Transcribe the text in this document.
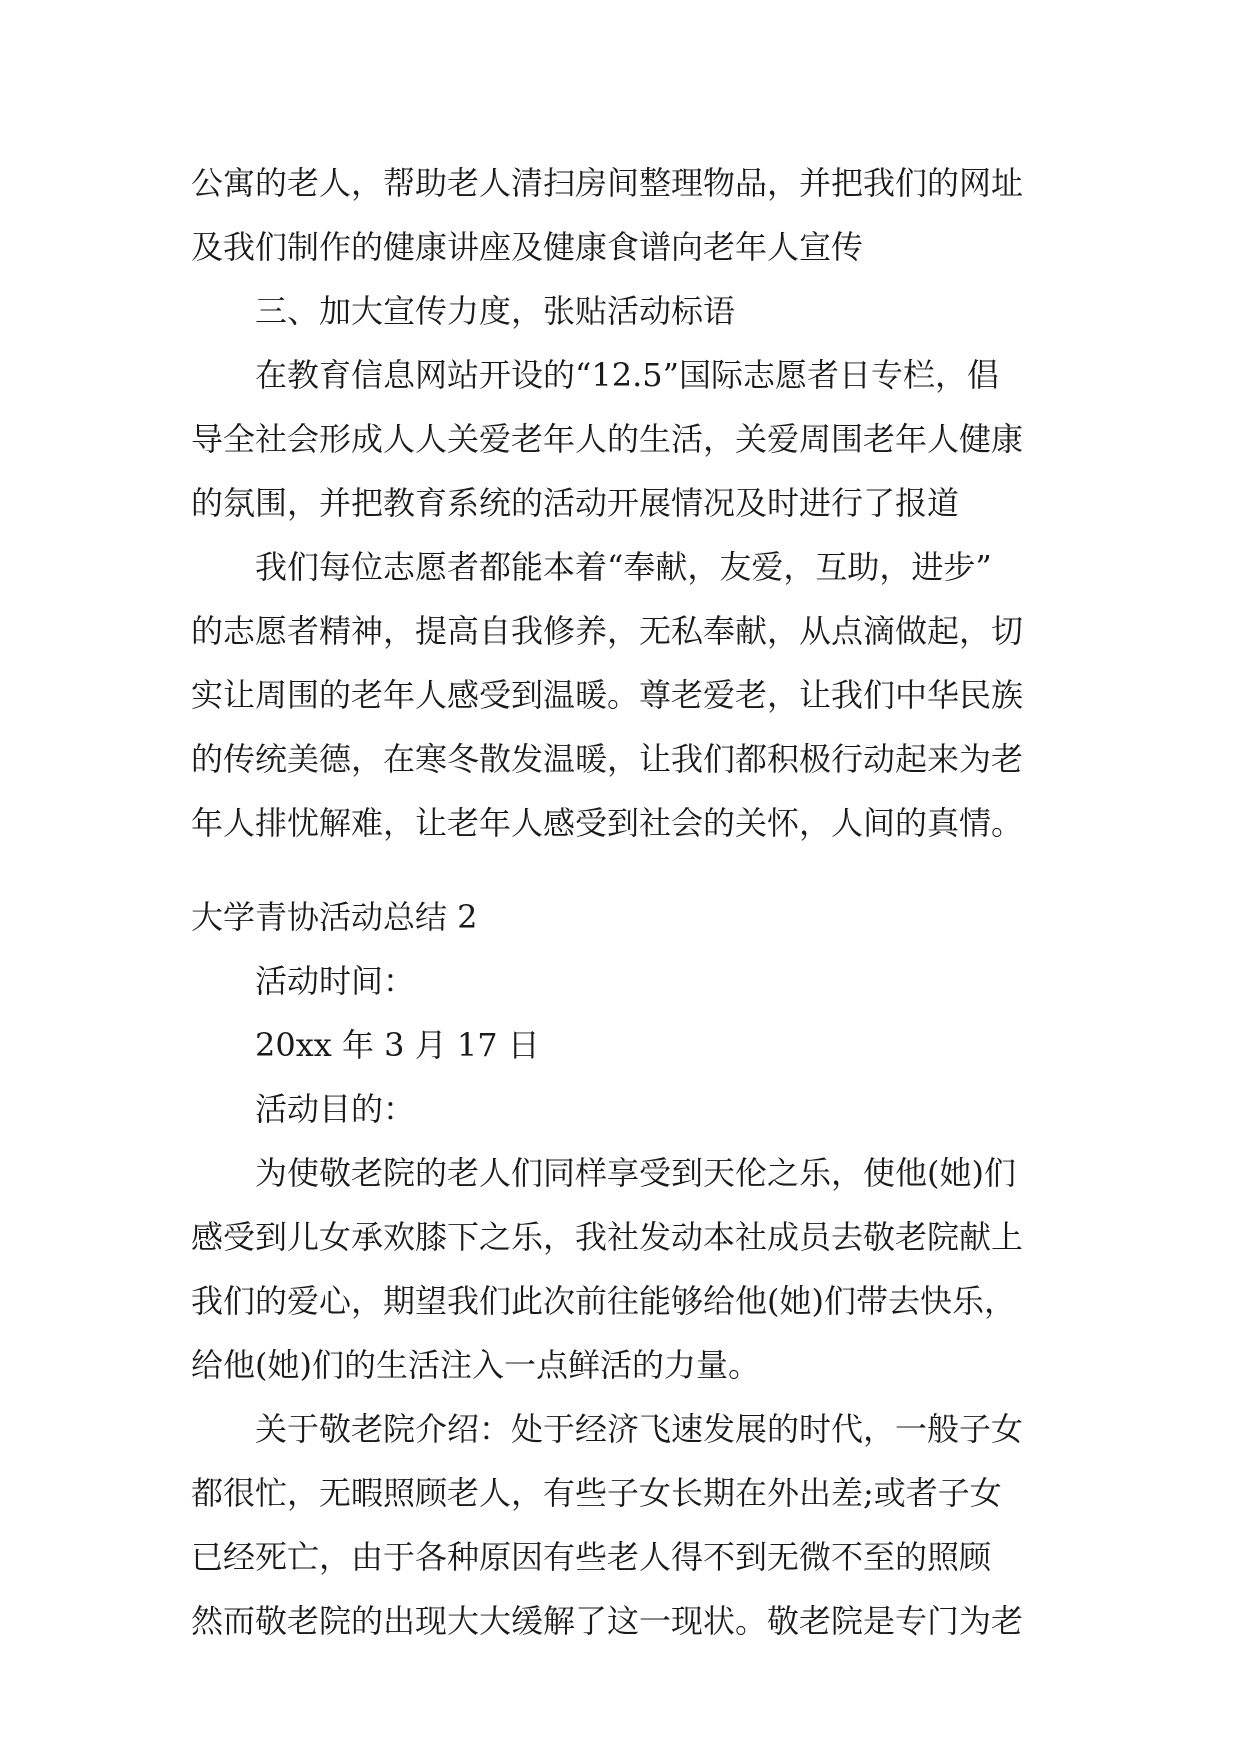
公寓的老人，帮助老人清扫房间整理物品，并把我们的网址
及我们制作的健康讲座及健康食谱向老年人宣传
三、加大宣传力度，张贴活动标语
在教育信息网站开设的“12.5”国际志愿者日专栏，倡
导全社会形成人人关爱老年人的生活，关爱周围老年人健康
的氛围，并把教育系统的活动开展情况及时进行了报道
我们每位志愿者都能本着“奉献，友爱，互助，进步”
的志愿者精神，提高自我修养，无私奉献，从点滴做起，切
实让周围的老年人感受到温暖。尊老爱老，让我们中华民族
的传统美德，在寒冬散发温暖，让我们都积极行动起来为老
年人排忧解难，让老年人感受到社会的关怀，人间的真情。
大学青协活动总结 2
活动时间：
20xx 年 3 月 17 日
活动目的：
为使敬老院的老人们同样享受到天伦之乐，使他(她)们
感受到儿女承欢膝下之乐，我社发动本社成员去敬老院献上
我们的爱心，期望我们此次前往能够给他(她)们带去快乐，
给他(她)们的生活注入一点鲜活的力量。
关于敬老院介绍：处于经济飞速发展的时代，一般子女
都很忙，无暇照顾老人，有些子女长期在外出差;或者子女
已经死亡，由于各种原因有些老人得不到无微不至的照顾
然而敬老院的出现大大缓解了这一现状。敬老院是专门为老
